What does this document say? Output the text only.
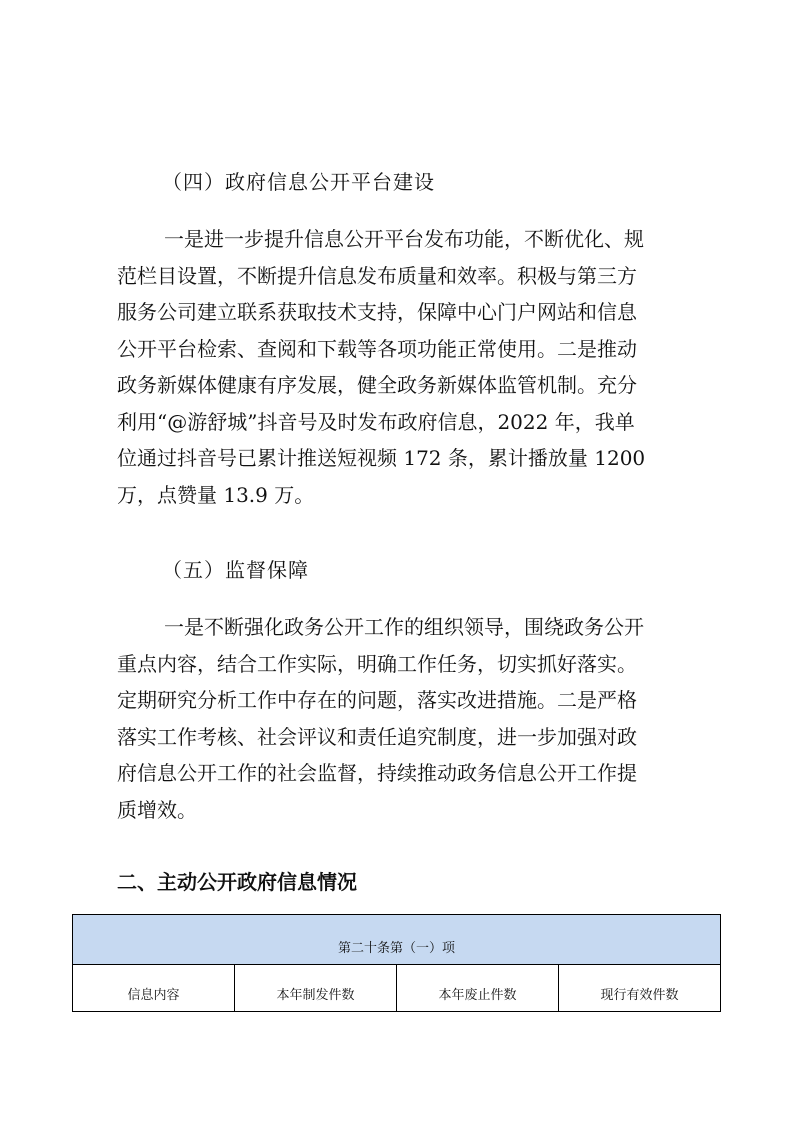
（四）政府信息公开平台建设
一是进一步提升信息公开平台发布功能，不断优化、规
范栏目设置，不断提升信息发布质量和效率。积极与第三方
服务公司建立联系获取技术支持，保障中心门户网站和信息
公开平台检索、查阅和下载等各项功能正常使用。二是推动
政务新媒体健康有序发展，健全政务新媒体监管机制。充分
利用“@游舒城”抖音号及时发布政府信息，2022 年，我单
位通过抖音号已累计推送短视频 172 条，累计播放量 1200
万，点赞量 13.9 万。
（五）监督保障
一是不断强化政务公开工作的组织领导，围绕政务公开
重点内容，结合工作实际，明确工作任务，切实抓好落实。
定期研究分析工作中存在的问题，落实改进措施。二是严格
落实工作考核、社会评议和责任追究制度，进一步加强对政
府信息公开工作的社会监督，持续推动政务信息公开工作提
质增效。
二、主动公开政府信息情况
第二十条第（一）项
信息内容	本年制发件数	本年废止件数	现行有效件数
